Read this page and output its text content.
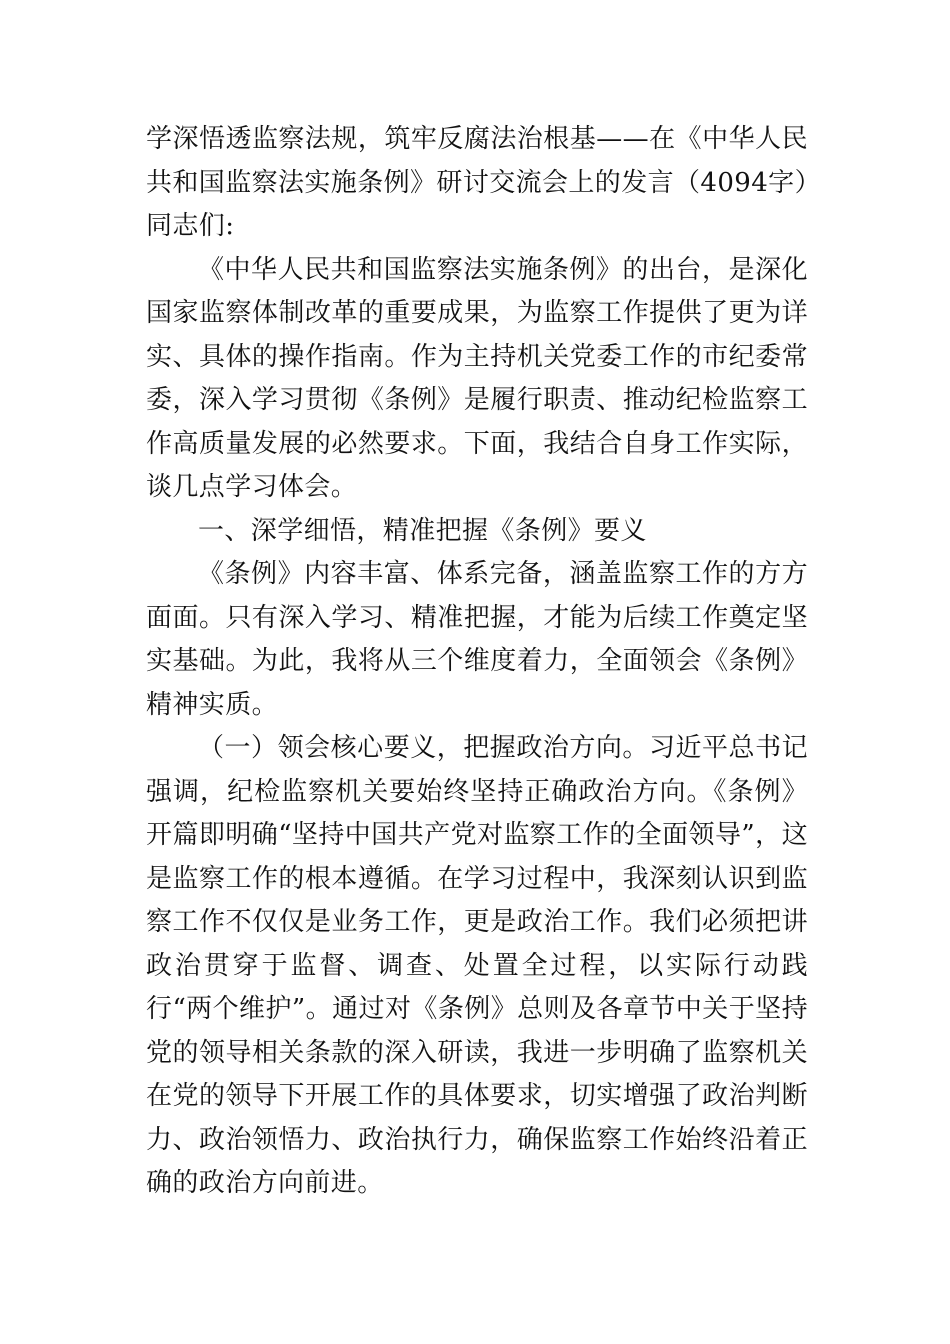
学深悟透监察法规，筑牢反腐法治根基——在《中华人民共和国监察法实施条例》研讨交流会上的发言（4094字）

同志们:

《中华人民共和国监察法实施条例》的出台，是深化国家监察体制改革的重要成果，为监察工作提供了更为详实、具体的操作指南。作为主持机关党委工作的市纪委常委，深入学习贯彻《条例》是履行职责、推动纪检监察工作高质量发展的必然要求。下面，我结合自身工作实际，谈几点学习体会。

一、深学细悟，精准把握《条例》要义

《条例》内容丰富、体系完备，涵盖监察工作的方方面面。只有深入学习、精准把握，才能为后续工作奠定坚实基础。为此，我将从三个维度着力，全面领会《条例》精神实质。

（一）领会核心要义，把握政治方向。习近平总书记强调，纪检监察机关要始终坚持正确政治方向。《条例》开篇即明确“坚持中国共产党对监察工作的全面领导”，这是监察工作的根本遵循。在学习过程中，我深刻认识到监察工作不仅仅是业务工作，更是政治工作。我们必须把讲政治贯穿于监督、调查、处置全过程，以实际行动践行“两个维护”。通过对《条例》总则及各章节中关于坚持党的领导相关条款的深入研读，我进一步明确了监察机关在党的领导下开展工作的具体要求，切实增强了政治判断力、政治领悟力、政治执行力，确保监察工作始终沿着正确的政治方向前进。
